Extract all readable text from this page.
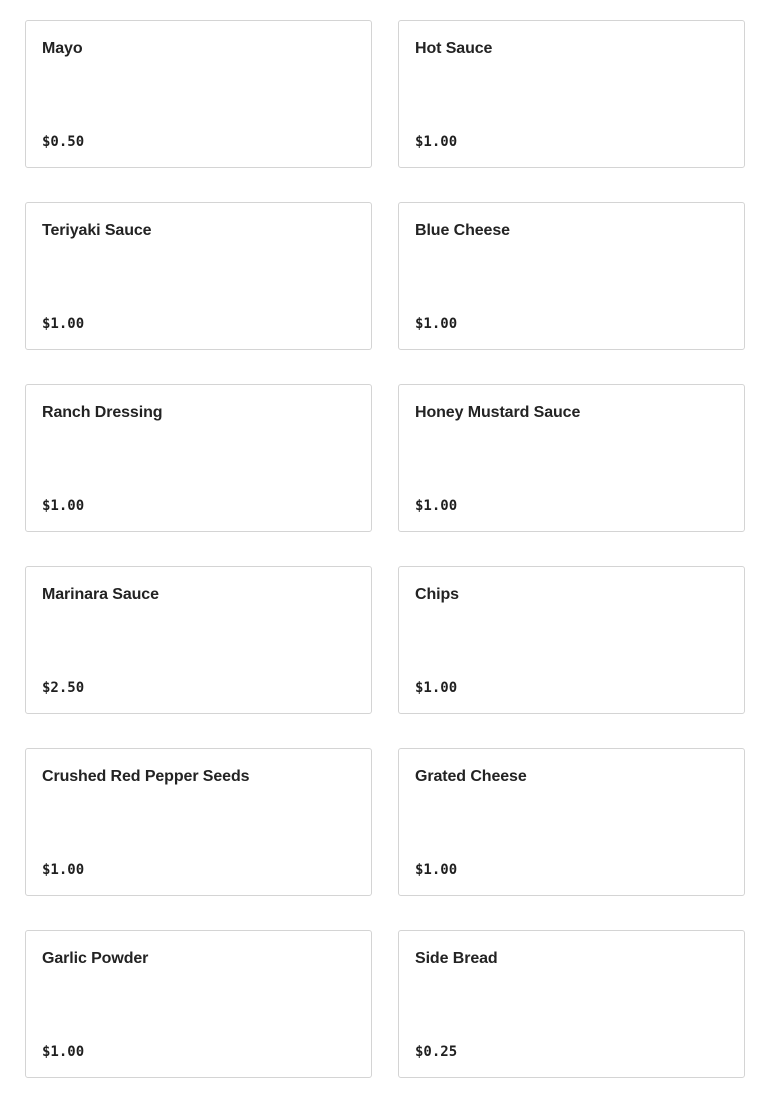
Mayo
$0.50
Hot Sauce
$1.00
Teriyaki Sauce
$1.00
Blue Cheese
$1.00
Ranch Dressing
$1.00
Honey Mustard Sauce
$1.00
Marinara Sauce
$2.50
Chips
$1.00
Crushed Red Pepper Seeds
$1.00
Grated Cheese
$1.00
Garlic Powder
$1.00
Side Bread
$0.25
